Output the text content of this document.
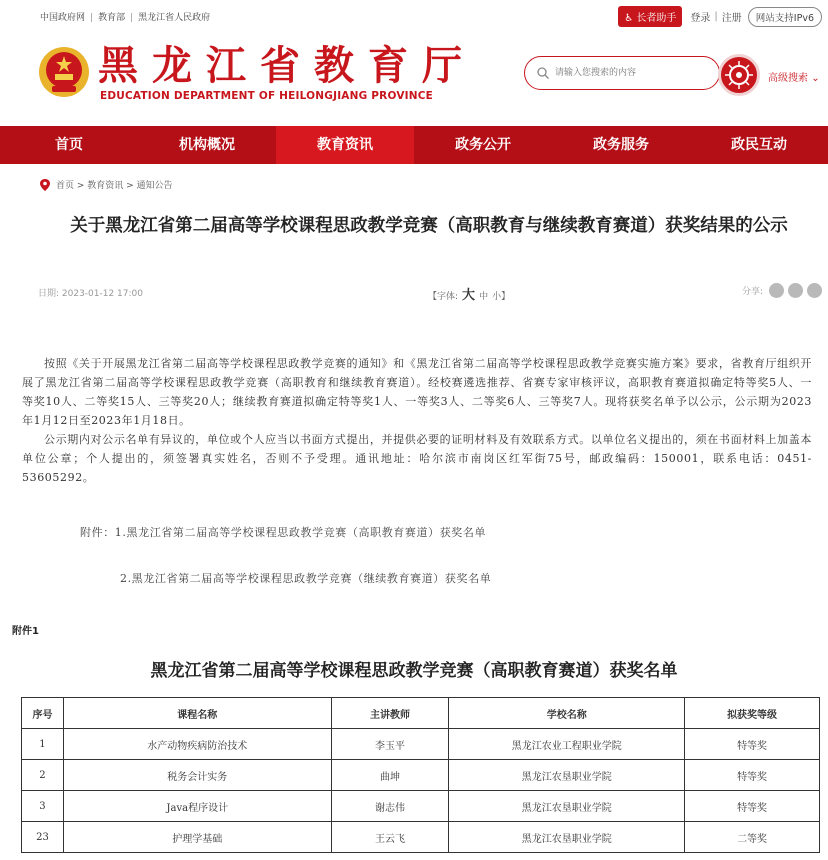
中国政府网 | 教育部 | 黑龙江省人民政府	♿ 长者助手	登录 | 注册	网站支持IPv6
黑龙江省教育厅
EDUCATION DEPARTMENT OF HEILONGJIANG PROVINCE
请输入您搜索的内容
高级搜索 ⌄
首页	机构概况	教育资讯	政务公开	政务服务	政民互动
首页 > 教育资讯 > 通知公告
关于黑龙江省第二届高等学校课程思政教学竞赛（高职教育与继续教育赛道）获奖结果的公示
日期: 2023-01-12 17:00	【字体: 大 中 小】	分享:

按照《关于开展黑龙江省第二届高等学校课程思政教学竞赛的通知》和《黑龙江省第二届高等学校课程思政教学竞赛实施方案》要求，省教育厅组织开展了黑龙江省第二届高等学校课程思政教学竞赛（高职教育和继续教育赛道）。经校赛遴选推荐、省赛专家审核评议，高职教育赛道拟确定特等奖5人、一等奖10人、二等奖15人、三等奖20人；继续教育赛道拟确定特等奖1人、一等奖3人、二等奖6人、三等奖7人。现将获奖名单予以公示，公示期为2023年1月12日至2023年1月18日。

公示期内对公示名单有异议的，单位或个人应当以书面方式提出，并提供必要的证明材料及有效联系方式。以单位名义提出的，须在书面材料上加盖本单位公章；个人提出的，须签署真实姓名，否则不予受理。通讯地址：哈尔滨市南岗区红军街75号，邮政编码：150001，联系电话：0451-53605292。

附件：1.黑龙江省第二届高等学校课程思政教学竞赛（高职教育赛道）获奖名单
2.黑龙江省第二届高等学校课程思政教学竞赛（继续教育赛道）获奖名单
附件1
黑龙江省第二届高等学校课程思政教学竞赛（高职教育赛道）获奖名单
序号	课程名称	主讲教师	学校名称	拟获奖等级
1	水产动物疾病防治技术	李玉平	黑龙江农业工程职业学院	特等奖
2	税务会计实务	曲坤	黑龙江农垦职业学院	特等奖
3	Java程序设计	谢志伟	黑龙江农垦职业学院	特等奖
23	护理学基础	王云飞	黑龙江农垦职业学院	二等奖
